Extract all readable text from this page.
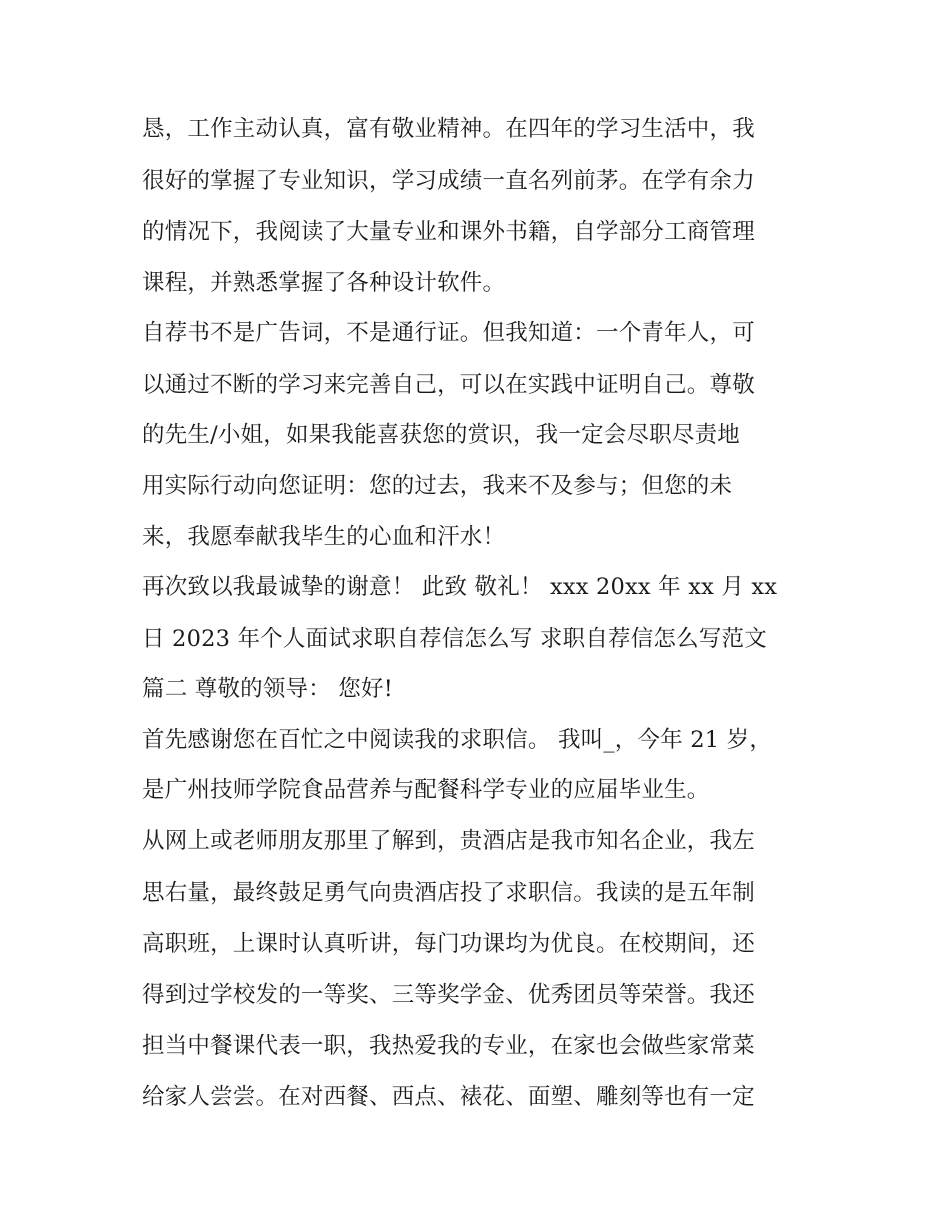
恳，工作主动认真，富有敬业精神。在四年的学习生活中，我

很好的掌握了专业知识，学习成绩一直名列前茅。在学有余力

的情况下，我阅读了大量专业和课外书籍，自学部分工商管理

课程，并熟悉掌握了各种设计软件。

自荐书不是广告词，不是通行证。但我知道：一个青年人，可

以通过不断的学习来完善自己，可以在实践中证明自己。尊敬

的先生/小姐，如果我能喜获您的赏识，我一定会尽职尽责地

用实际行动向您证明：您的过去，我来不及参与；但您的未

来，我愿奉献我毕生的心血和汗水！

再次致以我最诚挚的谢意！ 此致 敬礼！ xxx 20xx 年 xx 月 xx

日 2023 年个人面试求职自荐信怎么写 求职自荐信怎么写范文

篇二 尊敬的领导： 您好!

首先感谢您在百忙之中阅读我的求职信。 我叫_，今年 21 岁，

是广州技师学院食品营养与配餐科学专业的应届毕业生。

从网上或老师朋友那里了解到，贵酒店是我市知名企业，我左

思右量，最终鼓足勇气向贵酒店投了求职信。我读的是五年制

高职班，上课时认真听讲，每门功课均为优良。在校期间，还

得到过学校发的一等奖、三等奖学金、优秀团员等荣誉。我还

担当中餐课代表一职，我热爱我的专业，在家也会做些家常菜

给家人尝尝。在对西餐、西点、裱花、面塑、雕刻等也有一定
